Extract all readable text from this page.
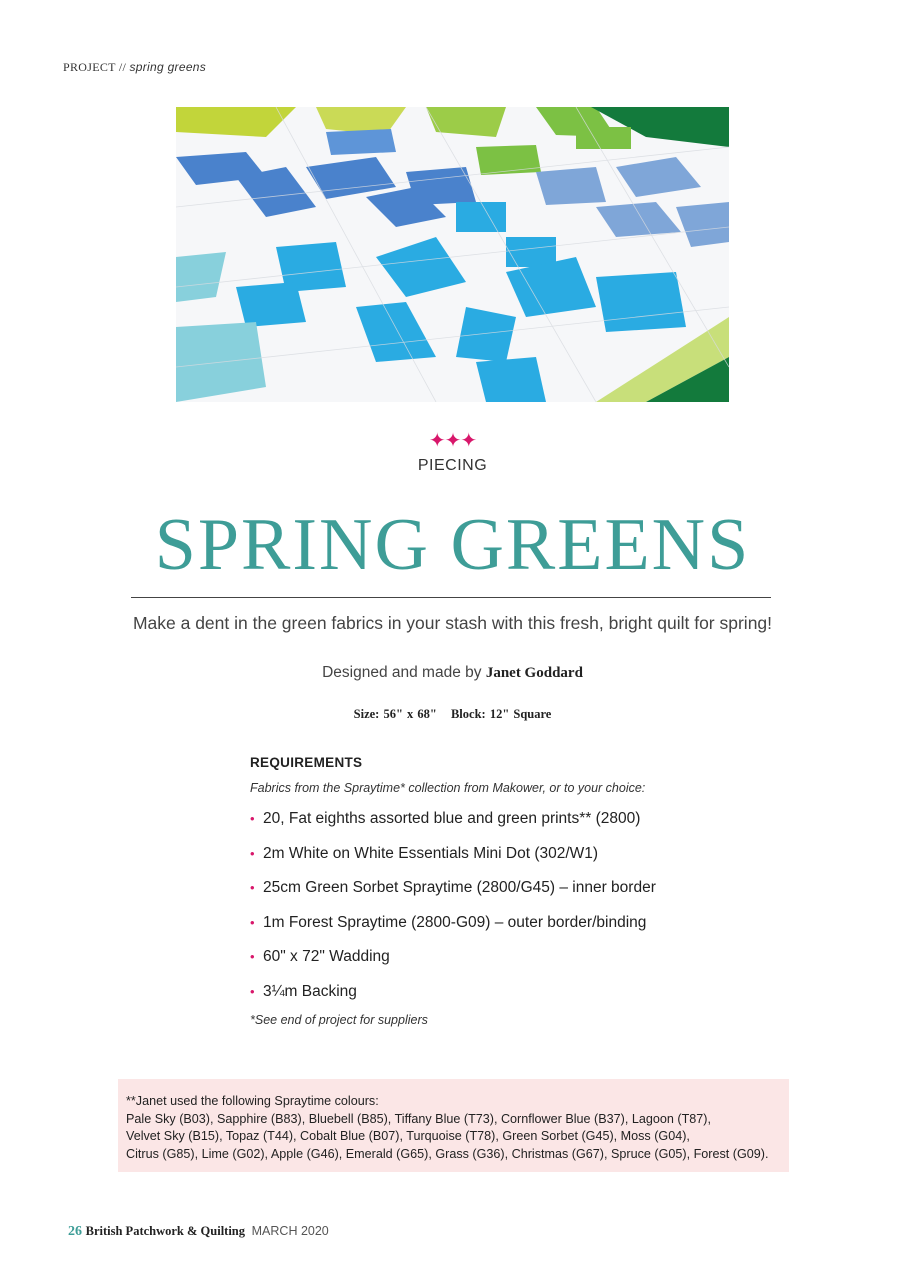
PROJECT // spring greens
✦✦✦
PIECING
SPRING GREENS
Make a dent in the green fabrics in your stash with this fresh, bright quilt for spring!
Designed and made by Janet Goddard
Size: 56" x 68" Block: 12" Square
REQUIREMENTS
Fabrics from the Spraytime* collection from Makower, or to your choice:
• 20, Fat eighths assorted blue and green prints** (2800)
• 2m White on White Essentials Mini Dot (302/W1)
• 25cm Green Sorbet Spraytime (2800/G45) – inner border
• 1m Forest Spraytime (2800-G09) – outer border/binding
• 60" x 72" Wadding
• 3¼m Backing
*See end of project for suppliers
**Janet used the following Spraytime colours:
Pale Sky (B03), Sapphire (B83), Bluebell (B85), Tiffany Blue (T73), Cornflower Blue (B37), Lagoon (T87),
Velvet Sky (B15), Topaz (T44), Cobalt Blue (B07), Turquoise (T78), Green Sorbet (G45), Moss (G04),
Citrus (G85), Lime (G02), Apple (G46), Emerald (G65), Grass (G36), Christmas (G67), Spruce (G05), Forest (G09).
26 British Patchwork & Quilting MARCH 2020
